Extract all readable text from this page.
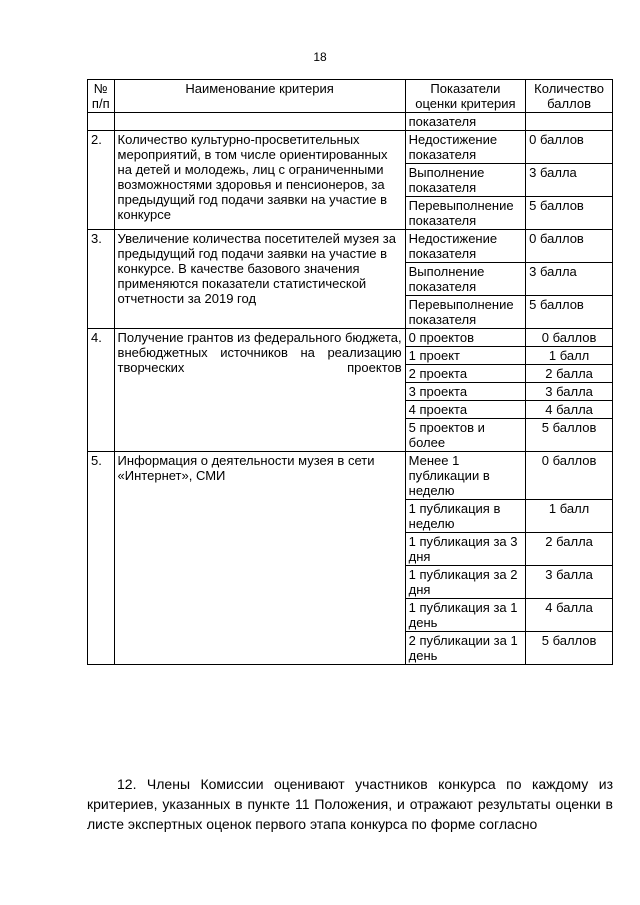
18
№ п/п	Наименование критерия	Показатели оценки критерия	Количество баллов
		показателя	
2.	Количество культурно-просветительных мероприятий, в том числе ориентированных на детей и молодежь, лиц с ограниченными возможностями здоровья и пенсионеров, за предыдущий год подачи заявки на участие в конкурсе	Недостижение показателя	0 баллов
		Выполнение показателя	3 балла
		Перевыполнение показателя	5 баллов
3.	Увеличение количества посетителей музея за предыдущий год подачи заявки на участие в конкурсе. В качестве базового значения применяются показатели статистической отчетности за 2019 год	Недостижение показателя	0 баллов
		Выполнение показателя	3 балла
		Перевыполнение показателя	5 баллов
4.	Получение грантов из федерального бюджета, внебюджетных источников на реализацию творческих проектов	0 проектов	0 баллов
		1 проект	1 балл
		2 проекта	2 балла
		3 проекта	3 балла
		4 проекта	4 балла
		5 проектов и более	5 баллов
5.	Информация о деятельности музея в сети «Интернет», СМИ	Менее 1 публикации в неделю	0 баллов
		1 публикация в неделю	1 балл
		1 публикация за 3 дня	2 балла
		1 публикация за 2 дня	3 балла
		1 публикация за 1 день	4 балла
		2 публикации за 1 день	5 баллов

12. Члены Комиссии оценивают участников конкурса по каждому из критериев, указанных в пункте 11 Положения, и отражают результаты оценки в листе экспертных оценок первого этапа конкурса по форме согласно
